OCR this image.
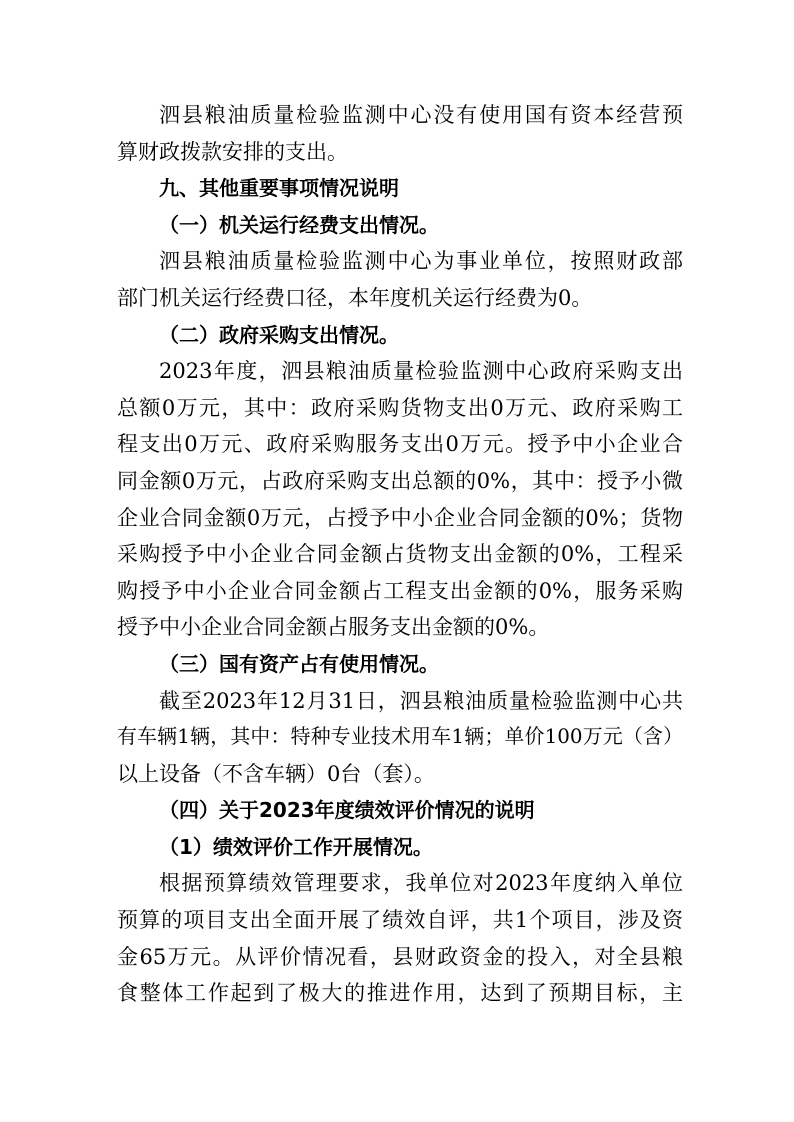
泗县粮油质量检验监测中心没有使用国有资本经营预
算财政拨款安排的支出。
九、其他重要事项情况说明
（一）机关运行经费支出情况。
泗县粮油质量检验监测中心为事业单位，按照财政部
部门机关运行经费口径，本年度机关运行经费为0。
（二）政府采购支出情况。
2023年度，泗县粮油质量检验监测中心政府采购支出
总额0万元，其中：政府采购货物支出0万元、政府采购工
程支出0万元、政府采购服务支出0万元。授予中小企业合
同金额0万元，占政府采购支出总额的0%，其中：授予小微
企业合同金额0万元，占授予中小企业合同金额的0%；货物
采购授予中小企业合同金额占货物支出金额的0%，工程采
购授予中小企业合同金额占工程支出金额的0%，服务采购
授予中小企业合同金额占服务支出金额的0%。
（三）国有资产占有使用情况。
截至2023年12月31日，泗县粮油质量检验监测中心共
有车辆1辆，其中：特种专业技术用车1辆；单价100万元（含）
以上设备（不含车辆）0台（套）。
（四）关于2023年度绩效评价情况的说明
（1）绩效评价工作开展情况。
根据预算绩效管理要求，我单位对2023年度纳入单位
预算的项目支出全面开展了绩效自评，共1个项目，涉及资
金65万元。从评价情况看，县财政资金的投入，对全县粮
食整体工作起到了极大的推进作用，达到了预期目标，主
